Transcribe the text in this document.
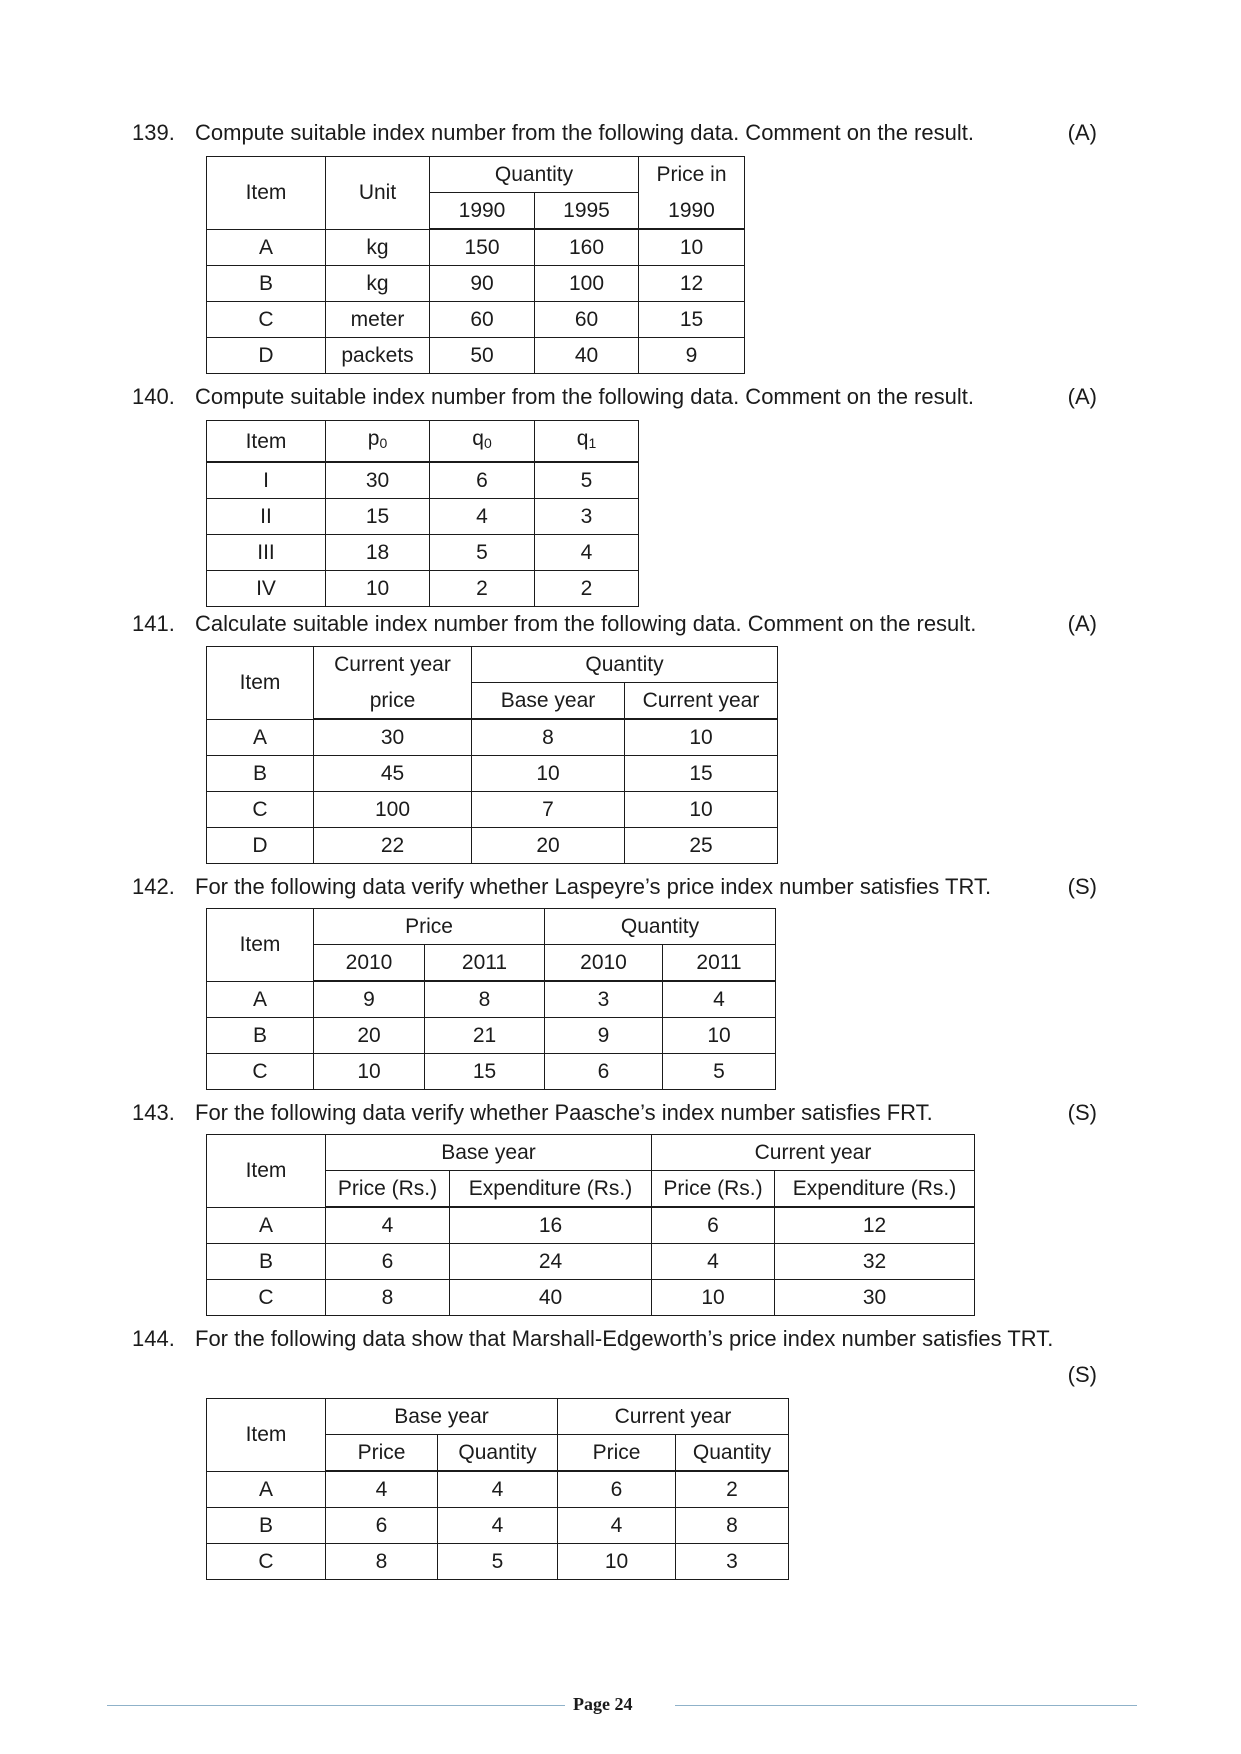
139. Compute suitable index number from the following data. Comment on the result.	(A)
Item	Unit	Quantity		Price in
		1990	1995	1990
A	kg	150	160	10
B	kg	90	100	12
C	meter	60	60	15
D	packets	50	40	9
140. Compute suitable index number from the following data. Comment on the result.	(A)
Item	$p_0$	$q_0$	$q_1$
I	30	6	5
II	15	4	3
III	18	5	4
IV	10	2	2
141. Calculate suitable index number from the following data. Comment on the result.	(A)
Item	Current year	Quantity	
	price	Base year	Current year
A	30	8	10
B	45	10	15
C	100	7	10
D	22	20	25
142. For the following data verify whether Laspeyre’s price index number satisfies TRT.	(S)
Item	Price		Quantity	
	2010	2011	2010	2011
A	9	8	3	4
B	20	21	9	10
C	10	15	6	5
143. For the following data verify whether Paasche’s index number satisfies FRT.	(S)
Item	Base year		Current year	
	Price (Rs.)	Expenditure (Rs.)	Price (Rs.)	Expenditure (Rs.)
A	4	16	6	12
B	6	24	4	32
C	8	40	10	30
144. For the following data show that Marshall-Edgeworth’s price index number satisfies TRT.
(S)
Item	Base year		Current year	
	Price	Quantity	Price	Quantity
A	4	4	6	2
B	6	4	4	8
C	8	5	10	3
Page 24
